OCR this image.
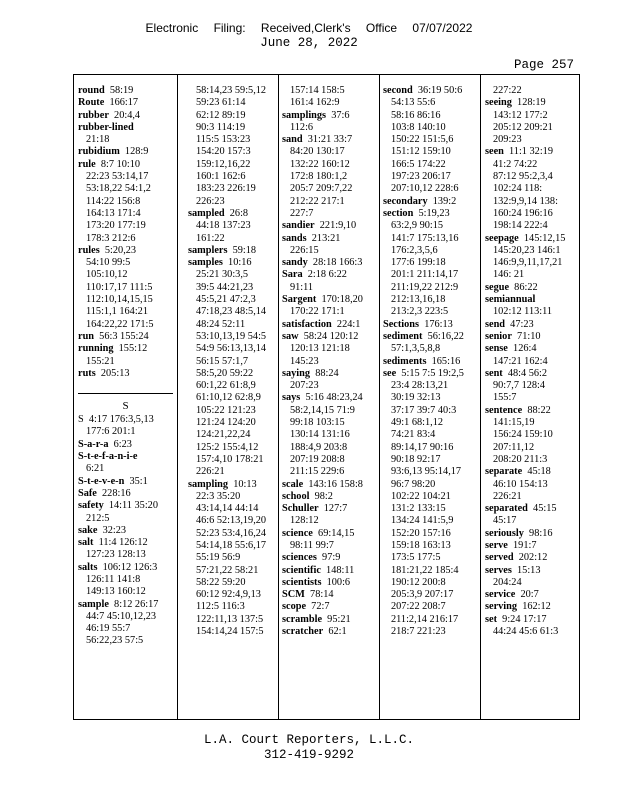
Electronic Filing: Received,Clerk's Office 07/07/2022
June 28, 2022
Page 257
round  58:19
Route  166:17
rubber  20:4,4
rubber-lined
21:18
rubidium  128:9
rule  8:7 10:10
22:23 53:14,17
53:18,22 54:1,2
114:22 156:8
164:13 171:4
173:20 177:19
178:3 212:6
rules  5:20,23
54:10 99:5
105:10,12
110:17,17 111:5
112:10,14,15,15
115:1,1 164:21
164:22,22 171:5
run  56:3 155:24
running  155:12
155:21
ruts  205:13
S
S  4:17 176:3,5,13
177:6 201:1
S-a-r-a  6:23
S-t-e-f-a-n-i-e
6:21
S-t-e-v-e-n  35:1
Safe  228:16
safety  14:11 35:20
212:5
sake  32:23
salt  11:4 126:12
127:23 128:13
salts  106:12 126:3
126:11 141:8
149:13 160:12
sample  8:12 26:17
44:7 45:10,12,23
46:19 55:7
56:22,23 57:5
58:14,23 59:5,12
59:23 61:14
62:12 89:19
90:3 114:19
115:5 153:23
154:20 157:3
159:12,16,22
160:1 162:6
183:23 226:19
226:23
sampled  26:8
44:18 137:23
161:22
samplers  59:18
samples  10:16
25:21 30:3,5
39:5 44:21,23
45:5,21 47:2,3
47:18,23 48:5,14
48:24 52:11
53:10,13,19 54:5
54:9 56:13,13,14
56:15 57:1,7
58:5,20 59:22
60:1,22 61:8,9
61:10,12 62:8,9
105:22 121:23
121:24 124:20
124:21,22,24
125:2 155:4,12
157:4,10 178:21
226:21
sampling  10:13
22:3 35:20
43:14,14 44:14
46:6 52:13,19,20
52:23 53:4,16,24
54:14,18 55:6,17
55:19 56:9
57:21,22 58:21
58:22 59:20
60:12 92:4,9,13
112:5 116:3
122:11,13 137:5
154:14,24 157:5
157:14 158:5
161:4 162:9
samplings  37:6
112:6
sand  31:21 33:7
84:20 130:17
132:22 160:12
172:8 180:1,2
205:7 209:7,22
212:22 217:1
227:7
sandier  221:9,10
sands  213:21
226:15
sandy  28:18 166:3
Sara  2:18 6:22
91:11
Sargent  170:18,20
170:22 171:1
satisfaction  224:1
saw  58:24 120:12
120:13 121:18
145:23
saying  88:24
207:23
says  5:16 48:23,24
58:2,14,15 71:9
99:18 103:15
130:14 131:16
188:4,9 203:8
207:19 208:8
211:15 229:6
scale  143:16 158:8
school  98:2
Schuller  127:7
128:12
science  69:14,15
98:11 99:7
sciences  97:9
scientific  148:11
scientists  100:6
SCM  78:14
scope  72:7
scramble  95:21
scratcher  62:1
second  36:19 50:6
54:13 55:6
58:16 86:16
103:8 140:10
150:22 151:5,6
151:12 159:10
166:5 174:22
197:23 206:17
207:10,12 228:6
secondary  139:2
section  5:19,23
63:2,9 90:15
141:7 175:13,16
176:2,3,5,6
177:6 199:18
201:1 211:14,17
211:19,22 212:9
212:13,16,18
213:2,3 223:5
Sections  176:13
sediment  56:16,22
57:1,3,5,8,8
sediments  165:16
see  5:15 7:5 19:2,5
23:4 28:13,21
30:19 32:13
37:17 39:7 40:3
49:1 68:1,12
74:21 83:4
89:14,17 90:16
90:18 92:17
93:6,13 95:14,17
96:7 98:20
102:22 104:21
131:2 133:15
134:24 141:5,9
152:20 157:16
159:18 163:13
173:5 177:5
181:21,22 185:4
190:12 200:8
205:3,9 207:17
207:22 208:7
211:2,14 216:17
218:7 221:23
227:22
seeing  128:19
143:12 177:2
205:12 209:21
209:23
seen  11:1 32:19
41:2 74:22
87:12 95:2,3,4
102:24 118:
132:9,9,14 138:
160:24 196:16
198:14 222:4
seepage  145:12,15
145:20,23 146:1
146:9,9,11,17,21
146: 21
segue  86:22
semiannual
102:12 113:11
send  47:23
senior  71:10
sense  126:4
147:21 162:4
sent  48:4 56:2
90:7,7 128:4
155:7
sentence  88:22
141:15,19
156:24 159:10
207:11,12
208:20 211:3
separate  45:18
46:10 154:13
226:21
separated  45:15
45:17
seriously  98:16
serve  191:7
served  202:12
serves  15:13
204:24
service  20:7
serving  162:12
set  9:24 17:17
44:24 45:6 61:3
L.A. Court Reporters, L.L.C.
312-419-9292
